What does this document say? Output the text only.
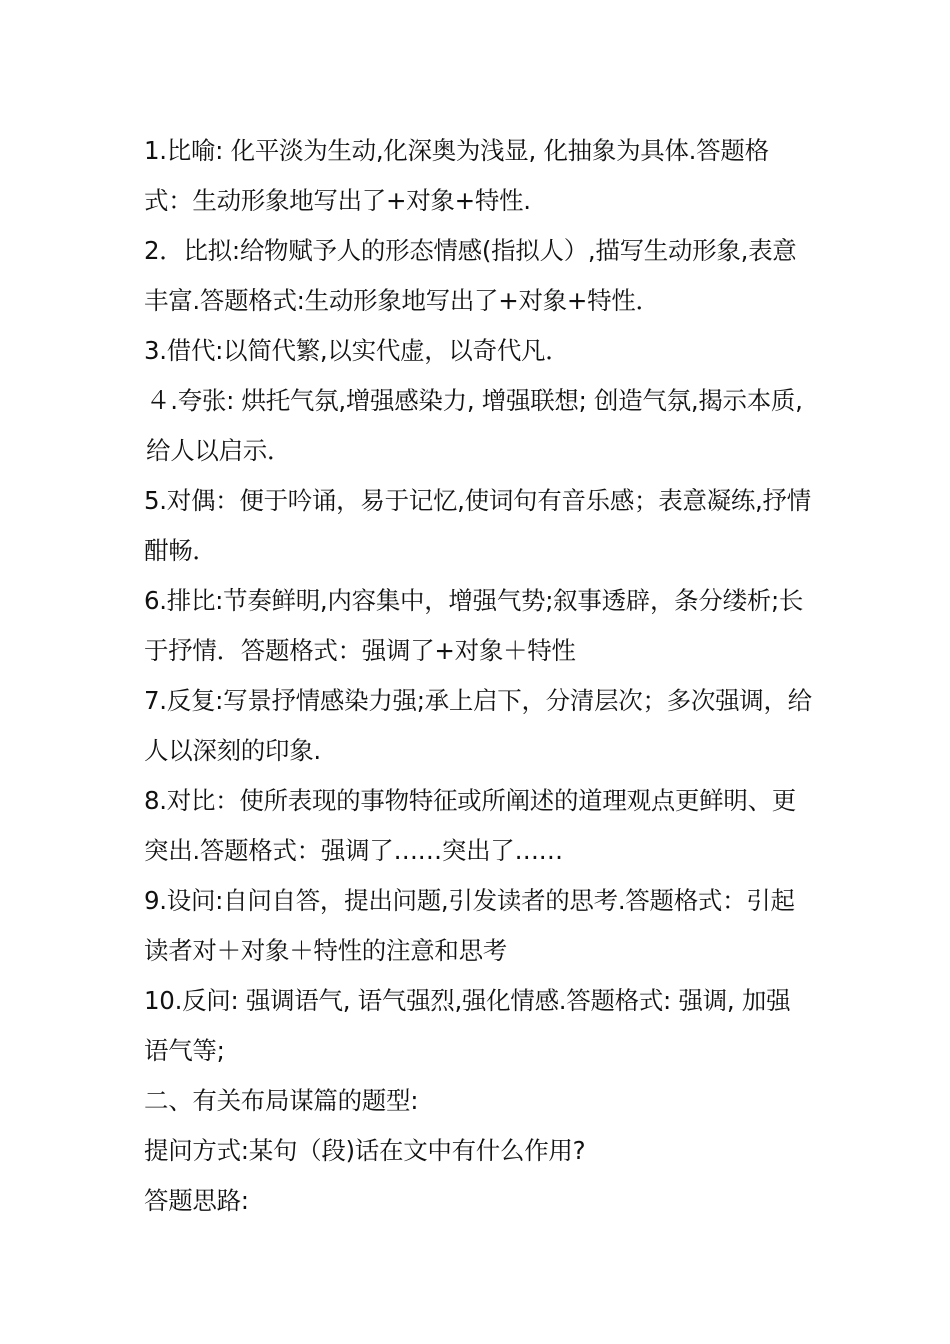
1.比喻: 化平淡为生动,化深奥为浅显, 化抽象为具体.答题格式：生动形象地写出了+对象+特性.

2．比拟:给物赋予人的形态情感(指拟人）,描写生动形象,表意丰富.答题格式:生动形象地写出了+对象+特性．

3.借代:以简代繁,以实代虚，以奇代凡．

４.夸张: 烘托气氛,增强感染力, 增强联想; 创造气氛,揭示本质,给人以启示．

5.对偶：便于吟诵，易于记忆,使词句有音乐感；表意凝练,抒情酣畅．

6.排比:节奏鲜明,内容集中，增强气势;叙事透辟，条分缕析;长于抒情．答题格式：强调了+对象＋特性

7.反复:写景抒情感染力强;承上启下，分清层次；多次强调，给人以深刻的印象.

8.对比：使所表现的事物特征或所阐述的道理观点更鲜明、更突出.答题格式：强调了……突出了……

9.设问:自问自答，提出问题,引发读者的思考.答题格式：引起读者对＋对象＋特性的注意和思考

10.反问: 强调语气, 语气强烈,强化情感.答题格式: 强调, 加强语气等;

二、有关布局谋篇的题型:

提问方式:某句（段)话在文中有什么作用?

答题思路:
